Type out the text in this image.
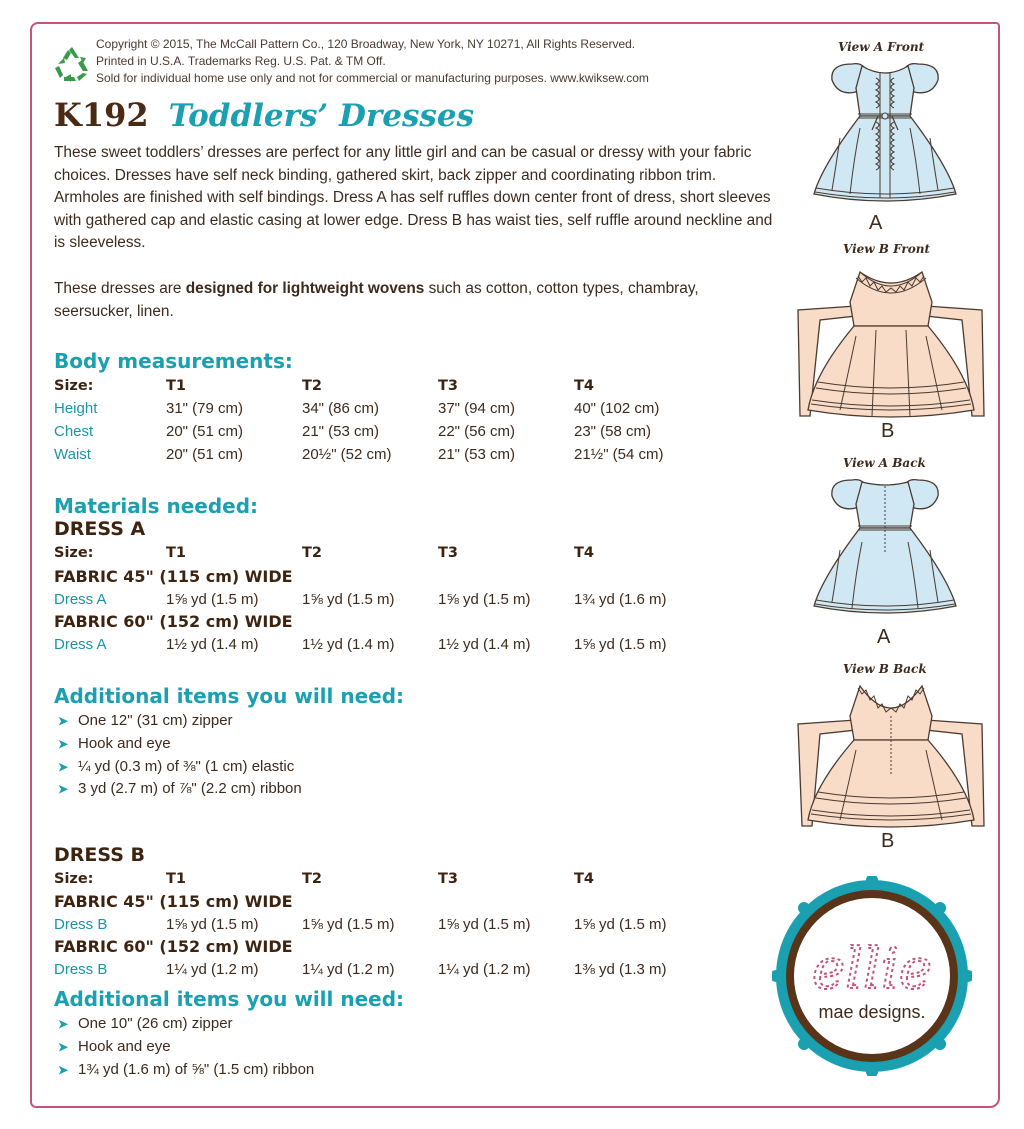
Copyright © 2015, The McCall Pattern Co., 120 Broadway, New York, NY 10271, All Rights Reserved.
Printed in U.S.A. Trademarks Reg. U.S. Pat. & TM Off.
Sold for individual home use only and not for commercial or manufacturing purposes. www.kwiksew.com
K192 Toddlers’ Dresses
These sweet toddlers’ dresses are perfect for any little girl and can be casual or dressy with your fabric choices. Dresses have self neck binding, gathered skirt, back zipper and coordinating ribbon trim. Armholes are finished with self bindings. Dress A has self ruffles down center front of dress, short sleeves with gathered cap and elastic casing at lower edge. Dress B has waist ties, self ruffle around neckline and is sleeveless.
These dresses are designed for lightweight wovens such as cotton, cotton types, chambray, seersucker, linen.
Body measurements:
Size:	T1	T2	T3	T4
Height	31" (79 cm)	34" (86 cm)	37" (94 cm)	40" (102 cm)
Chest	20" (51 cm)	21" (53 cm)	22" (56 cm)	23" (58 cm)
Waist	20" (51 cm)	20½" (52 cm)	21" (53 cm)	21½" (54 cm)
Materials needed:
DRESS A
Size:	T1	T2	T3	T4
FABRIC 45" (115 cm) WIDE
Dress A	1⅝ yd (1.5 m)	1⅝ yd (1.5 m)	1⅝ yd (1.5 m)	1¾ yd (1.6 m)
FABRIC 60" (152 cm) WIDE
Dress A	1½ yd (1.4 m)	1½ yd (1.4 m)	1½ yd (1.4 m)	1⅝ yd (1.5 m)
Additional items you will need:
➤ One 12" (31 cm) zipper
➤ Hook and eye
➤ ¼ yd (0.3 m) of ⅜" (1 cm) elastic
➤ 3 yd (2.7 m) of ⅞" (2.2 cm) ribbon
DRESS B
Size:	T1	T2	T3	T4
FABRIC 45" (115 cm) WIDE
Dress B	1⅝ yd (1.5 m)	1⅝ yd (1.5 m)	1⅝ yd (1.5 m)	1⅝ yd (1.5 m)
FABRIC 60" (152 cm) WIDE
Dress B	1¼ yd (1.2 m)	1¼ yd (1.2 m)	1¼ yd (1.2 m)	1⅜ yd (1.3 m)
Additional items you will need:
➤ One 10" (26 cm) zipper
➤ Hook and eye
➤ 1¾ yd (1.6 m) of ⅝" (1.5 cm) ribbon
View A Front
A
View B Front
B
View A Back
A
View B Back
B
ellie
mae designs.
